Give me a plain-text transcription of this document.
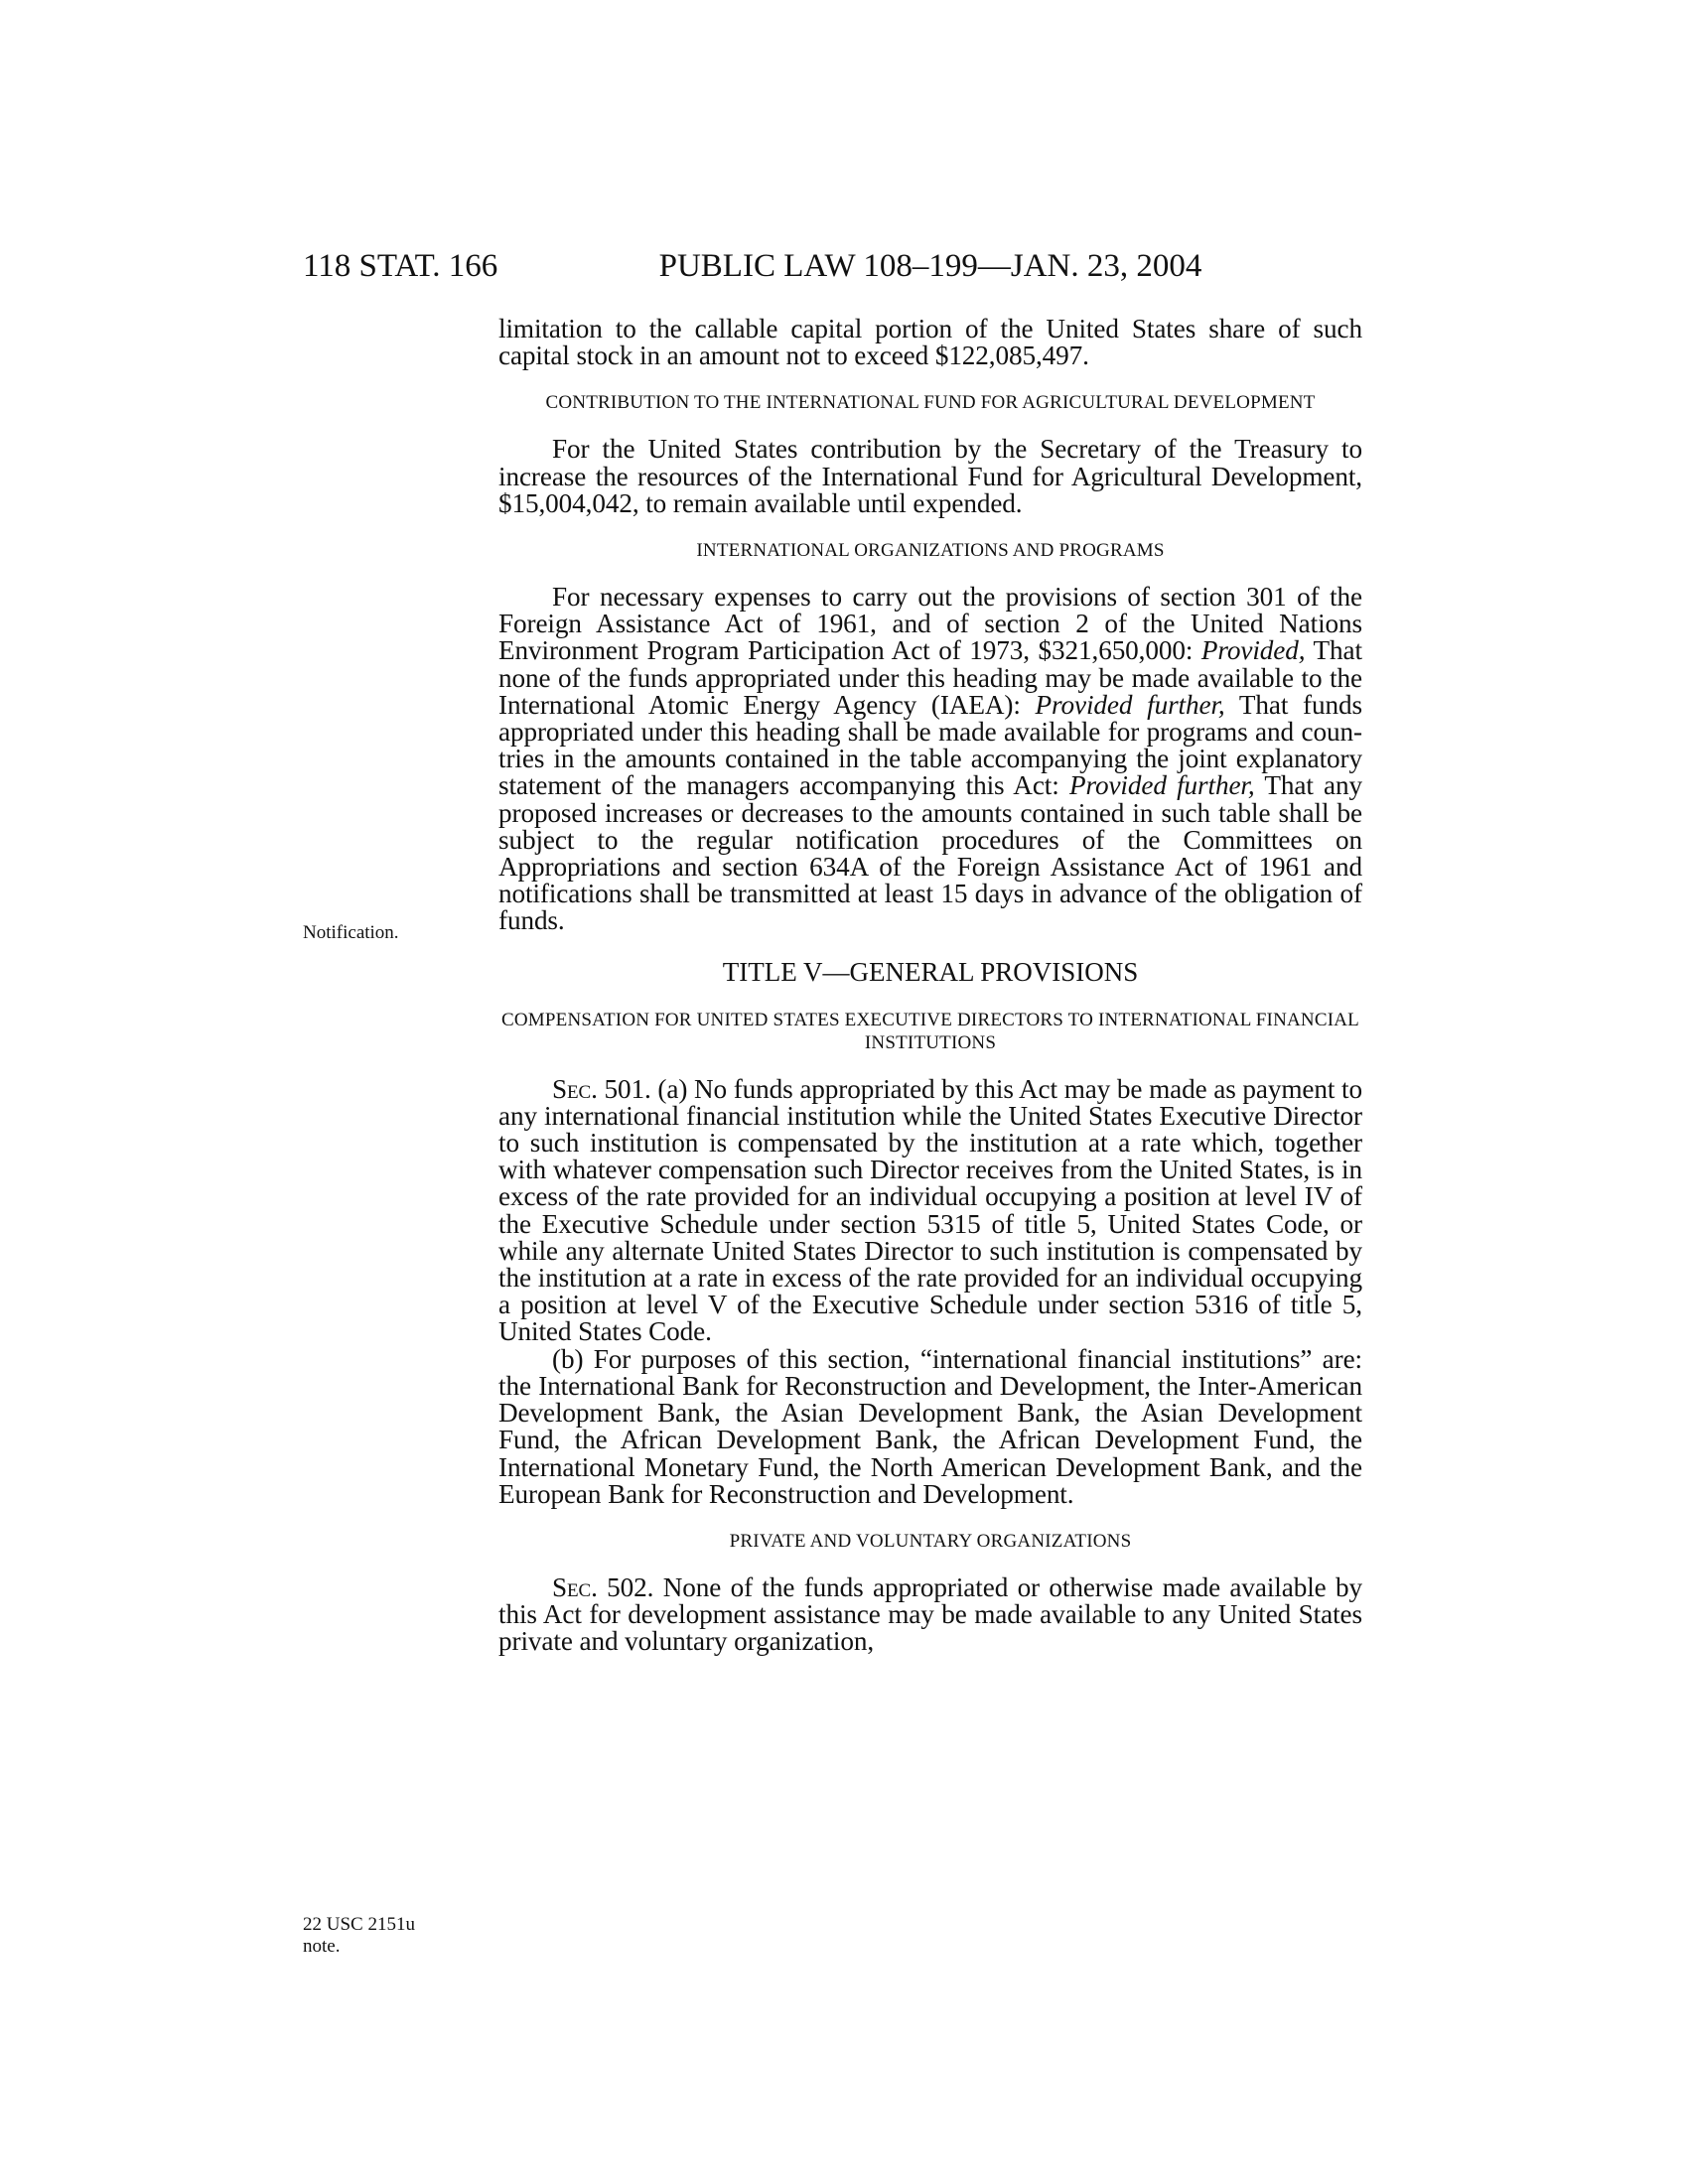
118 STAT. 166	PUBLIC LAW 108–199—JAN. 23, 2004
Notification.
22 USC 2151u
note.

limitation to the callable capital portion of the United States share of such capital stock in an amount not to exceed $122,085,497.

CONTRIBUTION TO THE INTERNATIONAL FUND FOR AGRICULTURAL DEVELOPMENT

For the United States contribution by the Secretary of the Treasury to increase the resources of the International Fund for Agricultural Development, $15,004,042, to remain available until expended.

INTERNATIONAL ORGANIZATIONS AND PROGRAMS

For necessary expenses to carry out the provisions of section 301 of the Foreign Assistance Act of 1961, and of section 2 of the United Nations Environment Program Participation Act of 1973, $321,650,000: Provided, That none of the funds appropriated under this heading may be made available to the International Atomic Energy Agency (IAEA): Provided further, That funds appropriated under this heading shall be made available for programs and countries in the amounts contained in the table accompanying the joint explanatory statement of the managers accompanying this Act: Provided further, That any proposed increases or decreases to the amounts contained in such table shall be subject to the regular notification procedures of the Committees on Appropriations and section 634A of the Foreign Assistance Act of 1961 and notifications shall be transmitted at least 15 days in advance of the obligation of funds.

TITLE V—GENERAL PROVISIONS

COMPENSATION FOR UNITED STATES EXECUTIVE DIRECTORS TO INTERNATIONAL FINANCIAL INSTITUTIONS

Sec. 501. (a) No funds appropriated by this Act may be made as payment to any international financial institution while the United States Executive Director to such institution is compensated by the institution at a rate which, together with whatever compensation such Director receives from the United States, is in excess of the rate provided for an individual occupying a position at level IV of the Executive Schedule under section 5315 of title 5, United States Code, or while any alternate United States Director to such institution is compensated by the institution at a rate in excess of the rate provided for an individual occupying a position at level V of the Executive Schedule under section 5316 of title 5, United States Code.

(b) For purposes of this section, “international financial institutions” are: the International Bank for Reconstruction and Development, the Inter-American Development Bank, the Asian Development Bank, the Asian Development Fund, the African Development Bank, the African Development Fund, the International Monetary Fund, the North American Development Bank, and the European Bank for Reconstruction and Development.

PRIVATE AND VOLUNTARY ORGANIZATIONS

Sec. 502. None of the funds appropriated or otherwise made available by this Act for development assistance may be made available to any United States private and voluntary organization,
